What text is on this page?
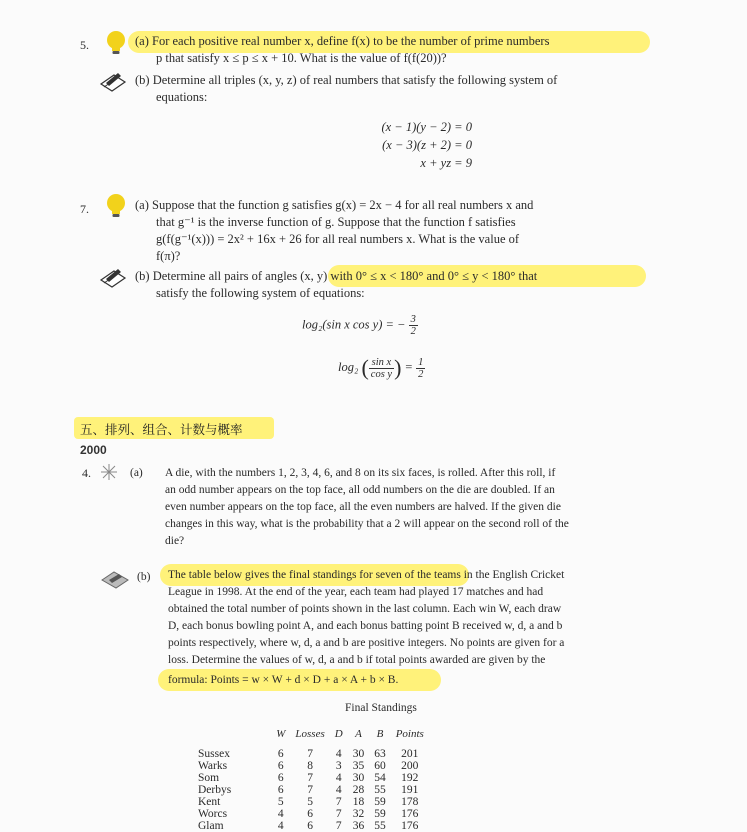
5.	(a) For each positive real number x, define f(x) to be the number of prime numbers
p that satisfy x ≤ p ≤ x + 10. What is the value of f(f(20))?
(b) Determine all triples (x, y, z) of real numbers that satisfy the following system of
equations:
(x − 1)(y − 2) = 0
(x − 3)(z + 2) = 0
x + yz = 9
7.	(a) Suppose that the function g satisfies g(x) = 2x − 4 for all real numbers x and
that g⁻¹ is the inverse function of g. Suppose that the function f satisfies
g(f(g⁻¹(x))) = 2x² + 16x + 26 for all real numbers x. What is the value of
f(π)?
(b) Determine all pairs of angles (x, y) with 0° ≤ x < 180° and 0° ≤ y < 180° that
satisfy the following system of equations:
log₂(sin x cos y) = − $\frac{3}{2}$
log₂ ( $\frac{\text{sin x}}{\text{cos y}}$ ) = $\frac{1}{2}$
五、排列、组合、计数与概率
2000
4.	(a) A die, with the numbers 1, 2, 3, 4, 6, and 8 on its six faces, is rolled. After this roll, if
an odd number appears on the top face, all odd numbers on the die are doubled. If an
even number appears on the top face, all the even numbers are halved. If the given die
changes in this way, what is the probability that a 2 will appear on the second roll of the
die?
(b) The table below gives the final standings for seven of the teams in the English Cricket
League in 1998. At the end of the year, each team had played 17 matches and had
obtained the total number of points shown in the last column. Each win W, each draw
D, each bonus bowling point A, and each bonus batting point B received w, d, a and b
points respectively, where w, d, a and b are positive integers. No points are given for a
loss. Determine the values of w, d, a and b if total points awarded are given by the
formula: Points = w × W + d × D + a × A + b × B.
Final Standings
	W	Losses	D	A	B	Points

Sussex	6	7	4	30	63	201
Warks	6	8	3	35	60	200
Som	6	7	4	30	54	192
Derbys	6	7	4	28	55	191
Kent	5	5	7	18	59	178
Worcs	4	6	7	32	59	176
Glam	4	6	7	36	55	176
